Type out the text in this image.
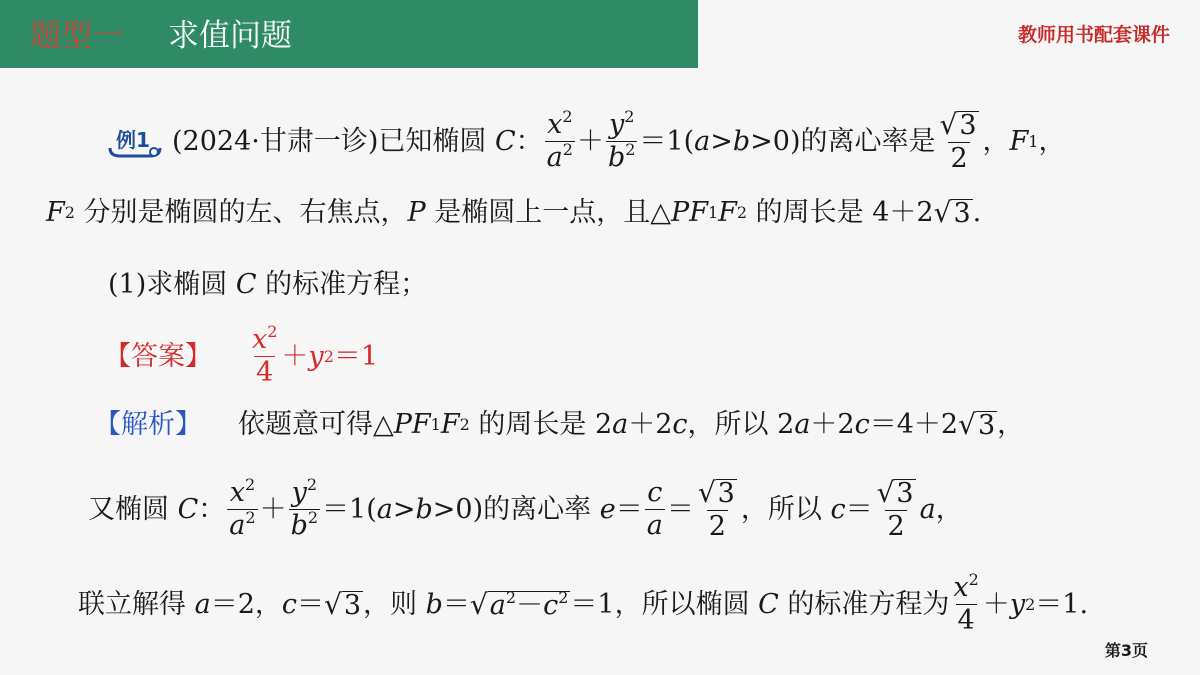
题型一 求值问题	教师用书配套课件
例1 (2024·甘肃一诊) 已知椭圆 C ： $\frac{x^2}{a^2} + \frac{y^2}{b^2} =1$( a > b >0)的离心率是 $\frac{√ 3}{2}$ ， F 1 ，
F 2 分别是椭圆的左、右焦点， P 是椭圆上一点，且△ PF 1 F 2 的周长是 4＋2 √ 3 .
(1)求椭圆 C 的标准方程；
【答案】 $\frac{x^2}{4} + y$ 2 ＝1
【解析】 依题意可得△ PF 1 F 2 的周长是 2 a ＋2 c ，所以 2 a ＋2 c ＝4＋2 √ 3 ，
又椭圆 C ： $\frac{x^2}{a^2} + \frac{y^2}{b^2} =1$( a > b >0)的离心率 $e = \frac{c}{a} = \frac{√ 3}{2}$ ，所以 $c = \frac{√ 3}{2}$ a ，
联立解得 a ＝2， c ＝ √ 3 ，则 b ＝ √ $a^2-c^2 =1$，所以椭圆 C 的标准方程为 $\frac{x^2}{4} + y$ 2 ＝1.
第3页
